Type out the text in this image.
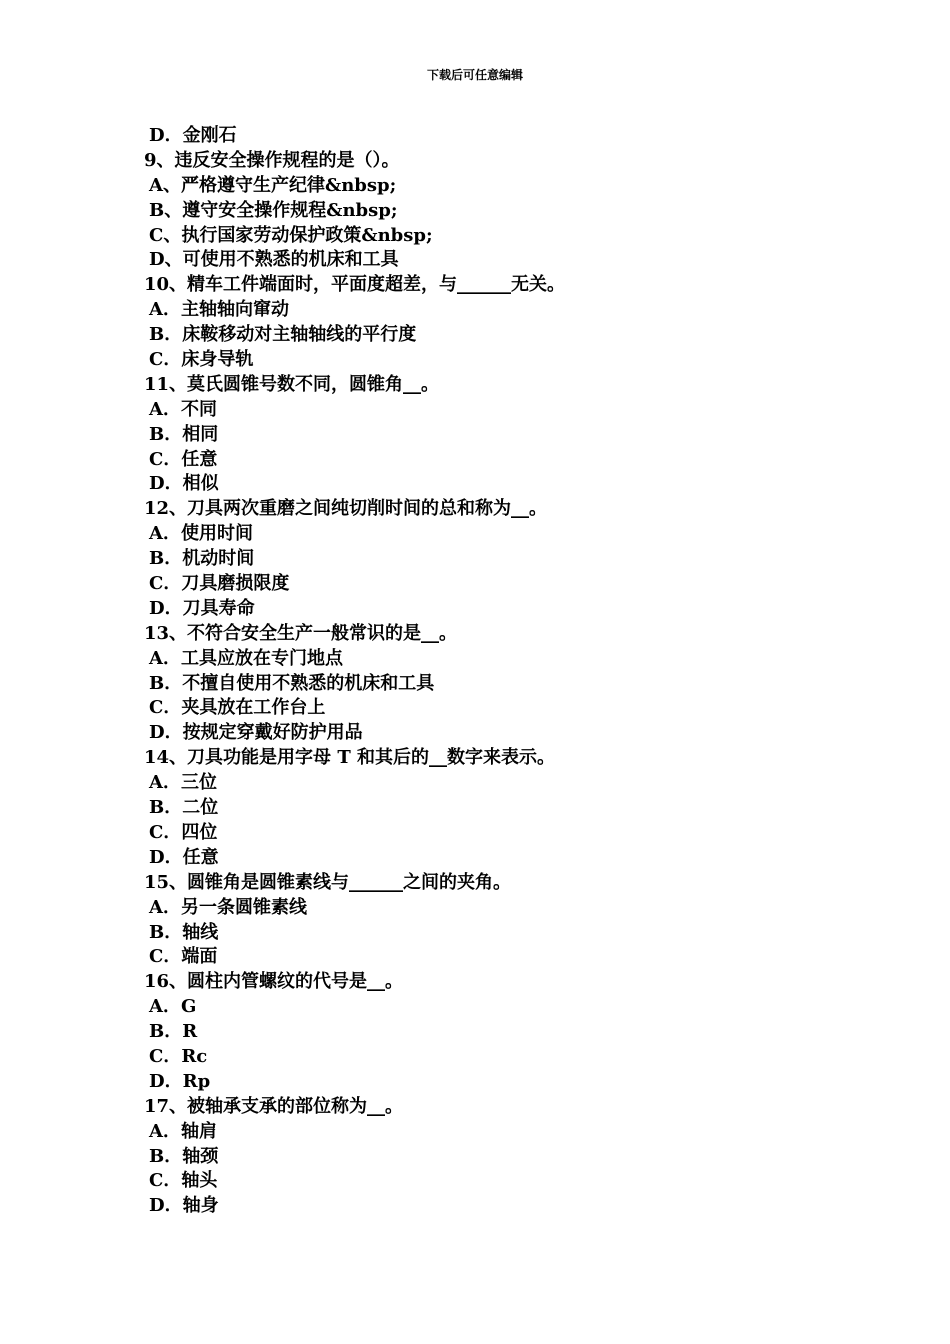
下载后可任意编辑
D．金刚石
9、违反安全操作规程的是（）。
A、严格遵守生产纪律&nbsp;
B、遵守安全操作规程&nbsp;
C、执行国家劳动保护政策&nbsp;
D、可使用不熟悉的机床和工具
10、精车工件端面时，平面度超差，与______无关。
A．主轴轴向窜动
B．床鞍移动对主轴轴线的平行度
C．床身导轨
11、莫氏圆锥号数不同，圆锥角__。
A．不同
B．相同
C．任意
D．相似
12、刀具两次重磨之间纯切削时间的总和称为__。
A．使用时间
B．机动时间
C．刀具磨损限度
D．刀具寿命
13、不符合安全生产一般常识的是__。
A．工具应放在专门地点
B．不擅自使用不熟悉的机床和工具
C．夹具放在工作台上
D．按规定穿戴好防护用品
14、刀具功能是用字母 T 和其后的__数字来表示。
A．三位
B．二位
C．四位
D．任意
15、圆锥角是圆锥素线与______之间的夹角。
A．另一条圆锥素线
B．轴线
C．端面
16、圆柱内管螺纹的代号是__。
A．G
B．R
C．Rc
D．Rp
17、被轴承支承的部位称为__。
A．轴肩
B．轴颈
C．轴头
D．轴身
